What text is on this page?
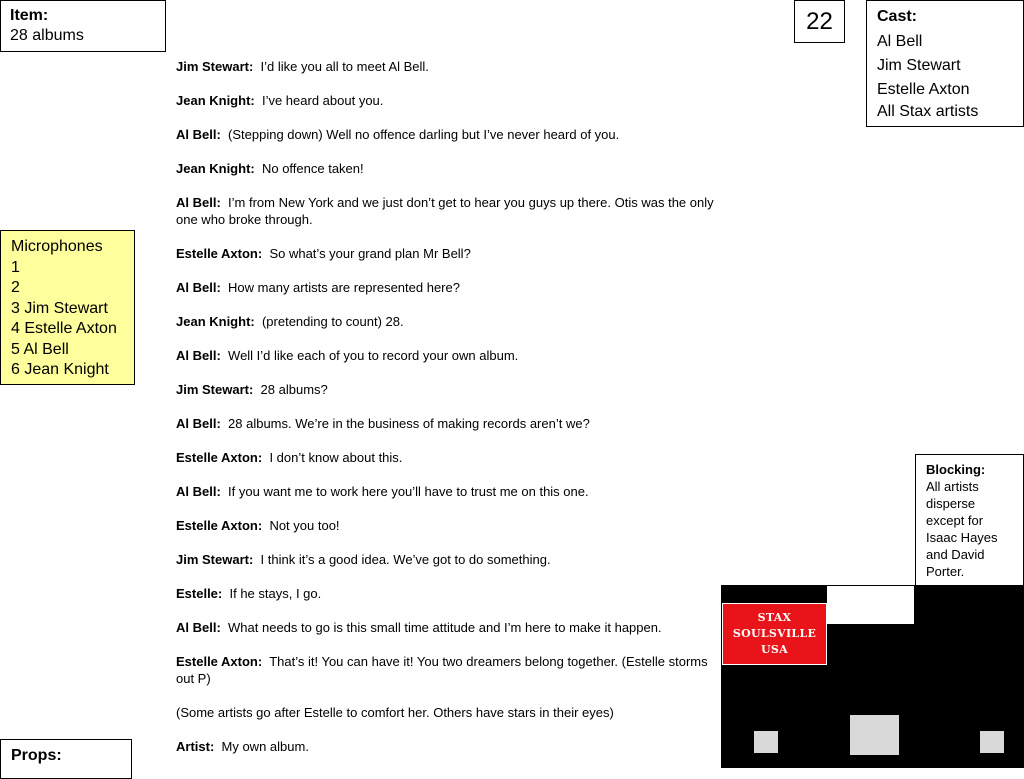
Item:
28 albums
22	Cast:
Al Bell
Jim Stewart
Estelle Axton
All Stax artists
Microphones
1
2
3 Jim Stewart
4 Estelle Axton
5 Al Bell
6 Jean Knight
Jim Stewart: I’d like you all to meet Al Bell.
Jean Knight: I’ve heard about you.
Al Bell: (Stepping down) Well no offence darling but I’ve never heard of you.
Jean Knight: No offence taken!
Al Bell: I’m from New York and we just don’t get to hear you guys up there. Otis was the only one who broke through.
Estelle Axton: So what’s your grand plan Mr Bell?
Al Bell: How many artists are represented here?
Jean Knight: (pretending to count) 28.
Al Bell: Well I’d like each of you to record your own album.
Jim Stewart: 28 albums?
Al Bell: 28 albums. We’re in the business of making records aren’t we?
Estelle Axton: I don’t know about this.
Al Bell: If you want me to work here you’ll have to trust me on this one.
Estelle Axton: Not you too!
Jim Stewart: I think it’s a good idea. We’ve got to do something.
Estelle: If he stays, I go.
Al Bell: What needs to go is this small time attitude and I’m here to make it happen.
Estelle Axton: That’s it! You can have it! You two dreamers belong together. (Estelle storms out P)
(Some artists go after Estelle to comfort her. Others have stars in their eyes)
Artist: My own album.
Blocking:
All artists disperse except for Isaac Hayes and David Porter.
STAX
SOULSVILLE
USA
Props:
